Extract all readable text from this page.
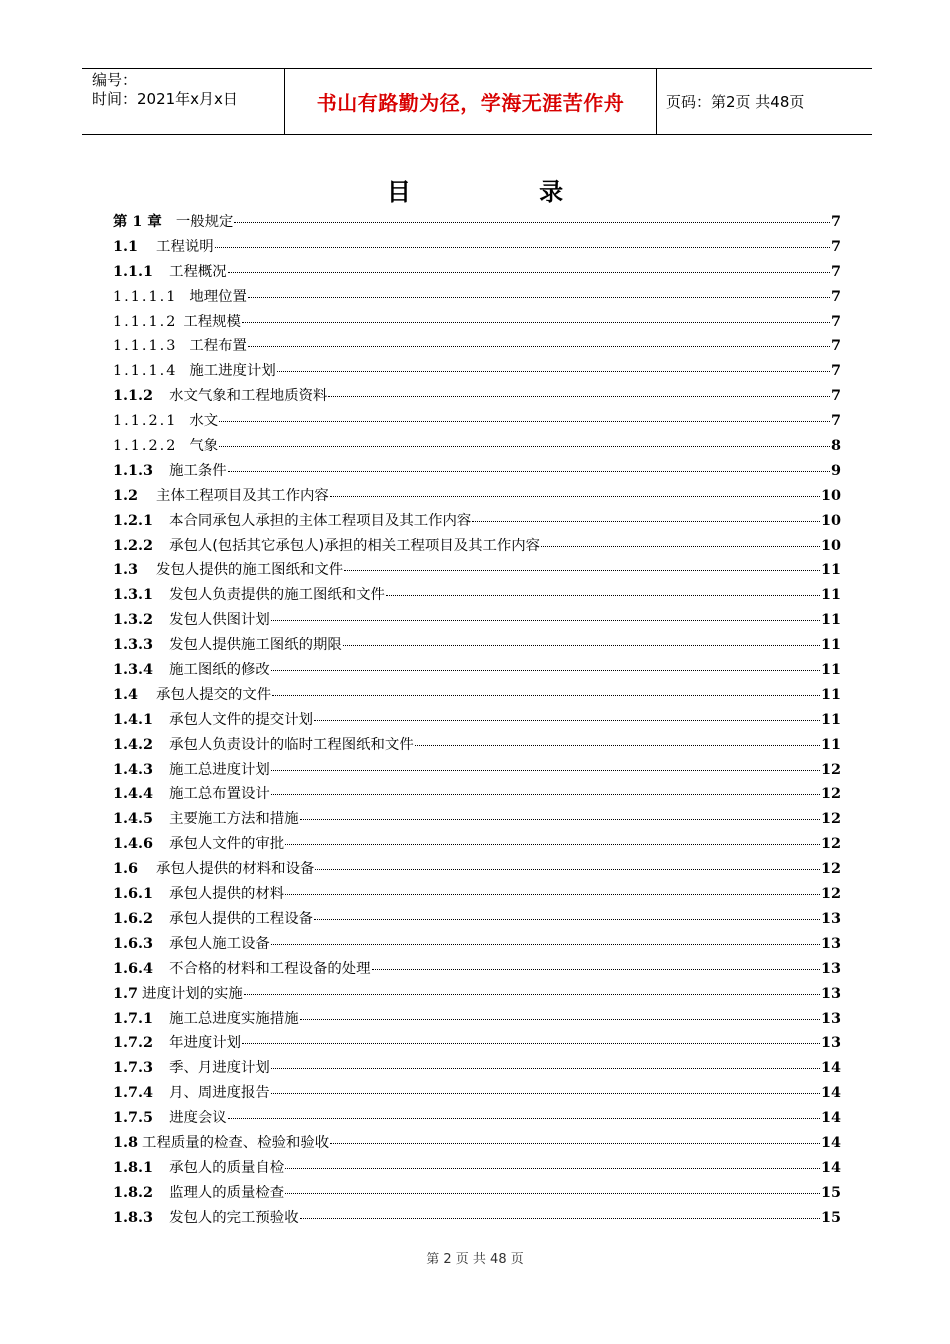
编号：
时间：2021年x月x日	书山有路勤为径，学海无涯苦作舟	页码：第2页 共48页
目 录
第 1 章 一般规定	7
1.1 工程说明	7
1.1.1 工程概况	7
1.1.1.1 地理位置	7
1.1.1.2 工程规模	7
1.1.1.3 工程布置	7
1.1.1.4 施工进度计划	7
1.1.2 水文气象和工程地质资料	7
1.1.2.1 水文	7
1.1.2.2 气象	8
1.1.3 施工条件	9
1.2 主体工程项目及其工作内容	10
1.2.1 本合同承包人承担的主体工程项目及其工作内容	10
1.2.2 承包人(包括其它承包人)承担的相关工程项目及其工作内容	10
1.3 发包人提供的施工图纸和文件	11
1.3.1 发包人负责提供的施工图纸和文件	11
1.3.2 发包人供图计划	11
1.3.3 发包人提供施工图纸的期限	11
1.3.4 施工图纸的修改	11
1.4 承包人提交的文件	11
1.4.1 承包人文件的提交计划	11
1.4.2 承包人负责设计的临时工程图纸和文件	11
1.4.3 施工总进度计划	12
1.4.4 施工总布置设计	12
1.4.5 主要施工方法和措施	12
1.4.6 承包人文件的审批	12
1.6 承包人提供的材料和设备	12
1.6.1 承包人提供的材料	12
1.6.2 承包人提供的工程设备	13
1.6.3 承包人施工设备	13
1.6.4 不合格的材料和工程设备的处理	13
1.7 进度计划的实施	13
1.7.1 施工总进度实施措施	13
1.7.2 年进度计划	13
1.7.3 季、月进度计划	14
1.7.4 月、周进度报告	14
1.7.5 进度会议	14
1.8 工程质量的检查、检验和验收	14
1.8.1 承包人的质量自检	14
1.8.2 监理人的质量检查	15
1.8.3 发包人的完工预验收	15
第 2 页 共 48 页
